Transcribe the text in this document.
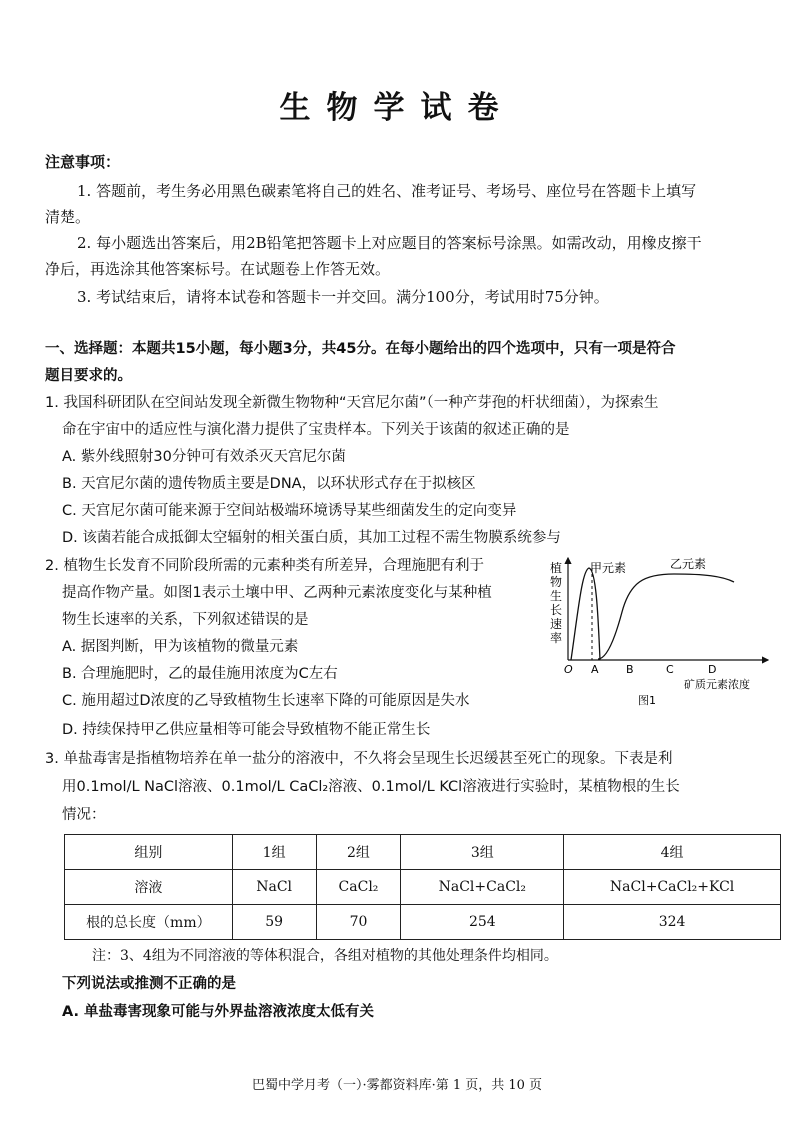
生物学试卷
注意事项：
1. 答题前，考生务必用黑色碳素笔将自己的姓名、准考证号、考场号、座位号在答题卡上填写
清楚。
2. 每小题选出答案后，用2B铅笔把答题卡上对应题目的答案标号涂黑。如需改动，用橡皮擦干
净后，再选涂其他答案标号。在试题卷上作答无效。
3. 考试结束后，请将本试卷和答题卡一并交回。满分100分，考试用时75分钟。
一、选择题：本题共15小题，每小题3分，共45分。在每小题给出的四个选项中，只有一项是符合
题目要求的。
1. 我国科研团队在空间站发现全新微生物物种“天宫尼尔菌”（一种产芽孢的杆状细菌），为探索生
命在宇宙中的适应性与演化潜力提供了宝贵样本。下列关于该菌的叙述正确的是
A. 紫外线照射30分钟可有效杀灭天宫尼尔菌
B. 天宫尼尔菌的遗传物质主要是DNA，以环状形式存在于拟核区
C. 天宫尼尔菌可能来源于空间站极端环境诱导某些细菌发生的定向变异
D. 该菌若能合成抵御太空辐射的相关蛋白质，其加工过程不需生物膜系统参与
2. 植物生长发育不同阶段所需的元素种类有所差异，合理施肥有利于
提高作物产量。如图1表示土壤中甲、乙两种元素浓度变化与某种植
物生长速率的关系，下列叙述错误的是
A. 据图判断，甲为该植物的微量元素
B. 合理施肥时，乙的最佳施用浓度为C左右
C. 施用超过D浓度的乙导致植物生长速率下降的可能原因是失水
D. 持续保持甲乙供应量相等可能会导致植物不能正常生长
植物生长速率
甲元素	乙元素
O A B	C	D
矿质元素浓度
图1
3. 单盐毒害是指植物培养在单一盐分的溶液中，不久将会呈现生长迟缓甚至死亡的现象。下表是利
用0.1mol/L NaCl溶液、0.1mol/L CaCl₂溶液、0.1mol/L KCl溶液进行实验时，某植物根的生长
情况：
组别	1组	2组	3组	4组
溶液	NaCl	CaCl₂	NaCl+CaCl₂	NaCl+CaCl₂+KCl
根的总长度（mm）	59	70	254	324
注：3、4组为不同溶液的等体积混合，各组对植物的其他处理条件均相同。
下列说法或推测不正确的是
A. 单盐毒害现象可能与外界盐溶液浓度太低有关
巴蜀中学月考（一）·雾都资料库·第 1 页，共 10 页
